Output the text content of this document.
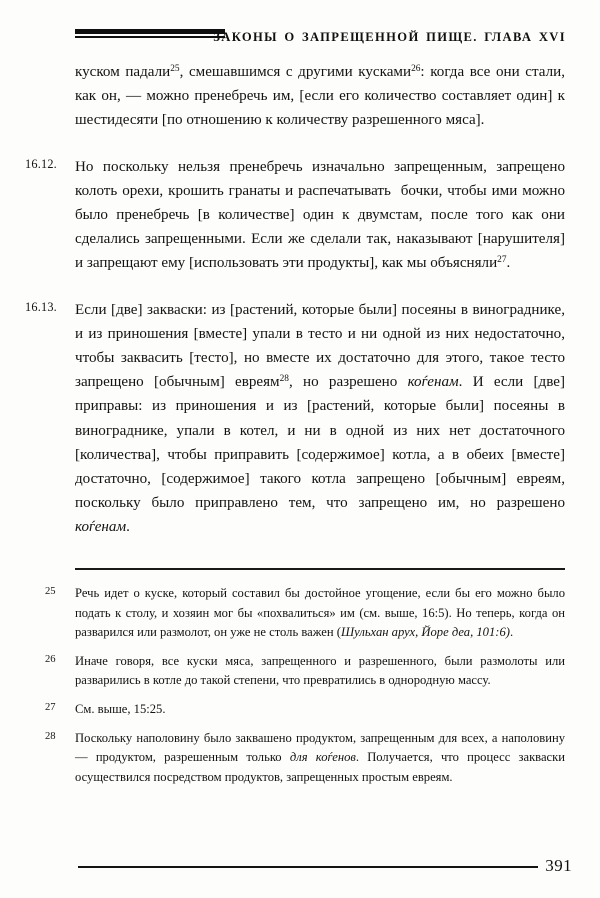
ЗАКОНЫ О ЗАПРЕЩЕННОЙ ПИЩЕ. ГЛАВА XVI

куском падали$^{25}$, смешавшимся с другими кусками$^{26}$: когда все они стали, как он, — можно пренебречь им, [если его количество составляет один] к шестидесяти [по отношению к количеству разрешенного мяса].

16.12.	Но поскольку нельзя пренебречь изначально запрещенным, запрещено колоть орехи, крошить гранаты и распечатывать  бочки, чтобы ими можно было пренебречь [в количестве] один к двумстам, после того как они сделались запрещенными. Если же сделали так, наказывают [нарушителя] и запрещают ему [использовать эти продукты], как мы объясняли$^{27}$.
16.13.	Если [две] закваски: из [растений, которые были] посеяны в винограднике, и из приношения [вместе] упали в тесто и ни одной из них недостаточно, чтобы заквасить [тесто], но вместе их достаточно для этого, такое тесто запрещено [обычным] евреям$^{28}$, но разрешено коѓенам. И если [две] приправы: из приношения и из [растений, которые были] посеяны в винограднике, упали в котел, и ни в одной из них нет достаточного [количества], чтобы приправить [содержимое] котла, а в обеих [вместе] достаточно, [содержимое] такого котла запрещено [обычным] евреям, поскольку было приправлено тем, что запрещено им, но разрешено коѓенам.
25	Речь идет о куске, который составил бы достойное угощение, если бы его можно было подать к столу, и хозяин мог бы «похвалиться» им (см. выше, 16:5). Но теперь, когда он разварился или размолот, он уже не столь важен (Шульхан арух, Йоре деа, 101:6).
26	Иначе говоря, все куски мяса, запрещенного и разрешенного, были размолоты или разварились в котле до такой степени, что превратились в однородную массу.
27	См. выше, 15:25.
28	Поскольку наполовину было заквашено продуктом, запрещенным для всех, а наполовину — продуктом, разрешенным только для коѓенов. Получается, что процесс закваски осуществился посредством продуктов, запрещенных простым евреям.
391
